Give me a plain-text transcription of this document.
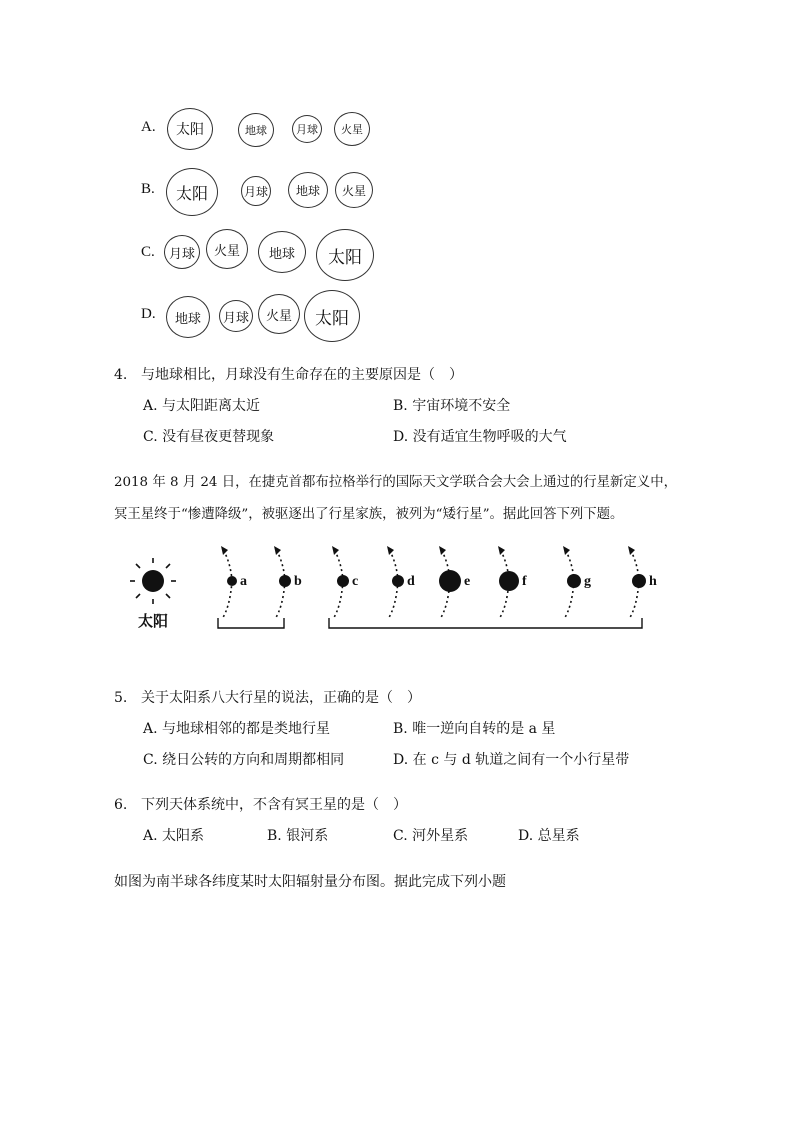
A.	太阳	地球	月球	火星
B.	太阳	月球	地球	火星
C.	月球	火星	地球	太阳
D.	地球	月球	火星	太阳
4. 与地球相比，月球没有生命存在的主要原因是（　）
A. 与太阳距离太近	B. 宇宙环境不安全
C. 没有昼夜更替现象	D. 没有适宜生物呼吸的大气
2018 年 8 月 24 日，在捷克首都布拉格举行的国际天文学联合会大会上通过的行星新定义中，
冥王星终于“惨遭降级”，被驱逐出了行星家族，被列为“矮行星”。据此回答下列下题。
太阳
a	b	c	d	e	f	g	h
5. 关于太阳系八大行星的说法，正确的是（　）
A. 与地球相邻的都是类地行星	B. 唯一逆向自转的是 a 星
C. 绕日公转的方向和周期都相同	D. 在 c 与 d 轨道之间有一个小行星带
6. 下列天体系统中，不含有冥王星的是（　）
A. 太阳系	B. 银河系	C. 河外星系	D. 总星系
如图为南半球各纬度某时太阳辐射量分布图。据此完成下列小题
